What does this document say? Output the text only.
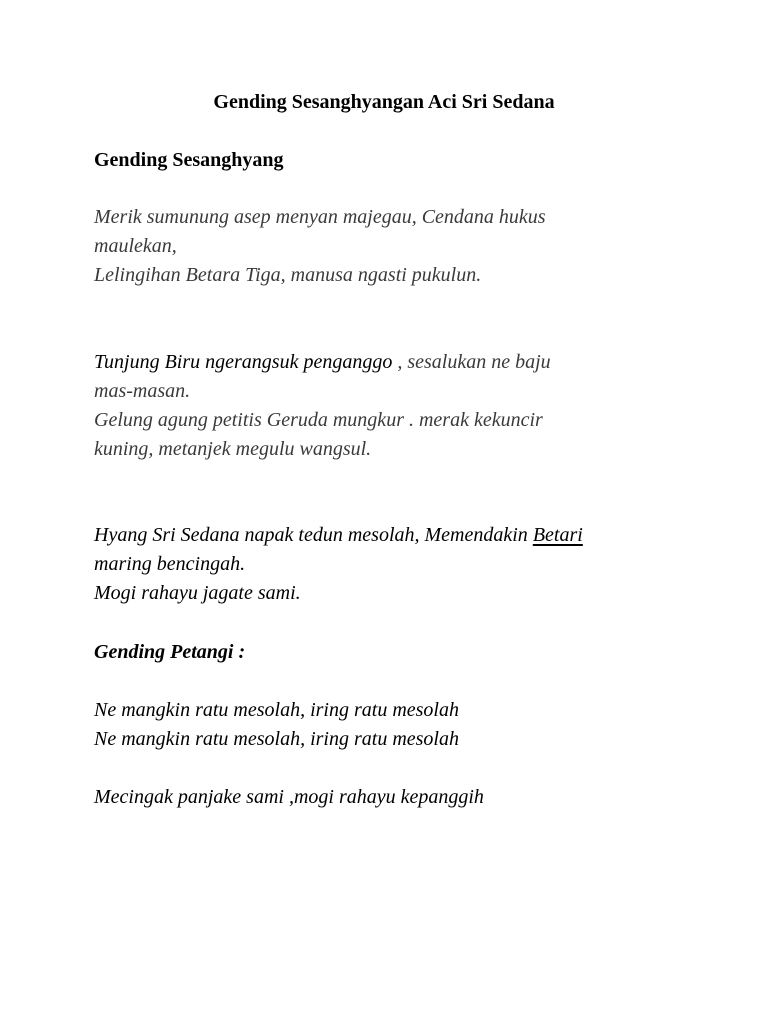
Gending Sesanghyangan Aci Sri Sedana
Gending Sesanghyang
Merik sumunung asep menyan majegau, Cendana hukus
maulekan,
Lelingihan Betara Tiga, manusa ngasti pukulun.
Tunjung Biru ngerangsuk penganggo , sesalukan ne baju
mas-masan.
Gelung agung petitis Geruda mungkur . merak kekuncir
kuning, metanjek megulu wangsul.
Hyang Sri Sedana napak tedun mesolah, Memendakin Betari
maring bencingah.
Mogi rahayu jagate sami.
Gending Petangi :
Ne mangkin ratu mesolah, iring ratu mesolah
Ne mangkin ratu mesolah, iring ratu mesolah
Mecingak panjake sami ,mogi rahayu kepanggih
